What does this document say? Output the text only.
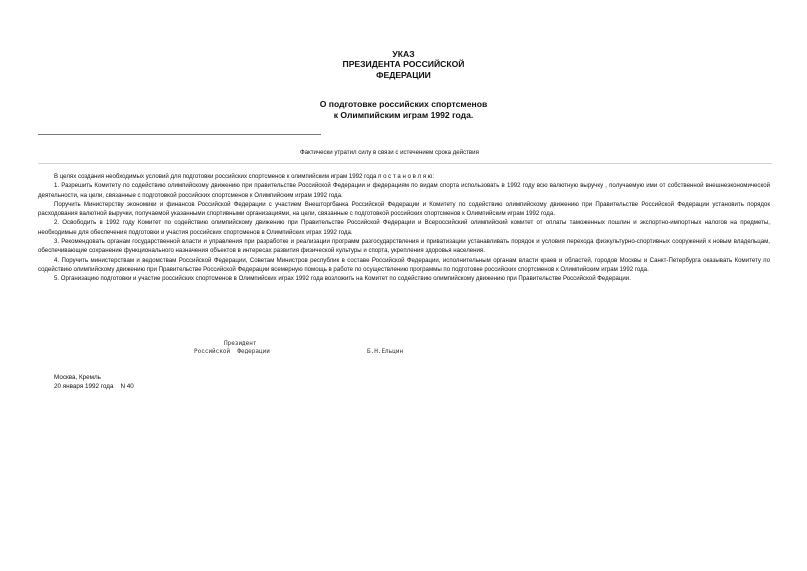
УКАЗ
ПРЕЗИДЕНТА РОССИЙСКОЙ
ФЕДЕРАЦИИ
О подготовке российских спортсменов
к Олимпийским играм 1992 года.
Фактически утратил силу в связи с истечением срока действия

В целях создания необходимых условий для подготовки российских спортсменов к олимпийским играм 1992 года п о с т а н о в л я ю:

1. Разрешить Комитету по содействию олимпийскому движению при правительстве Российской Федерации и федерациям по видам спорта использовать в 1992 году всю валютную выручку , получаемую ими от собственной внешнеэкономической деятельности, на цели, связанные с подготовкой российских спортсменов к Олимпийским играм 1992 года.

Поручить Министерству экономики и финансов Российской Федерации с участием Внешторгбанка Российской Федерации и Комитету по содействию олимпийскому движению при Правительстве Российской Федерации установить порядок расходования валютной выручки, получаемой указанными спортивными организациями, на цели, связанные с подготовкой российских спортсменов к Олимпийским играм 1992 года.

2. Освободить в 1992 году Комитет по содействию олимпийскому движению при Правительстве Российской Федерации и Всероссийский олимпийский комитет от оплаты таможенных пошлин и экспортно-импортных налогов на предметы, необходимые для обеспечения подготовки и участия российских спортсменов в Олимпийских играх 1992 года.

3. Рекомендовать органам государственной власти и управления при разработке и реализации программ разгосударствления и приватизации устанавливать порядок и условия перехода физкультурно-спортивных сооружений к новым владельцам, обеспечивающие сохранение функционального назначения объектов в интересах развития физической культуры и спорта, укрепления здоровья населения.

4. Поручить министерствам и ведомствам Российской Федерации, Советам Министров республик в составе Российской Федерации, исполнительным органам власти краев и областей, городов Москвы и Санкт-Петербурга оказывать Комитету по содействию олимпийскому движению при Правительстве Российской Федерации всемерную помощь в работе по осуществлению программы по подготовке российских спортсменов к Олимпийским играм 1992 года.

5. Организацию подготовки и участие российских спортсменов в Олимпийских играх 1992 года возложить на Комитет по содействию олимпийскому движению при Правительстве Российской Федерации.

Президент
Российской  Федерации	Б.Н.Ельцин
Москва, Кремль
20 января 1992 года    N 40
